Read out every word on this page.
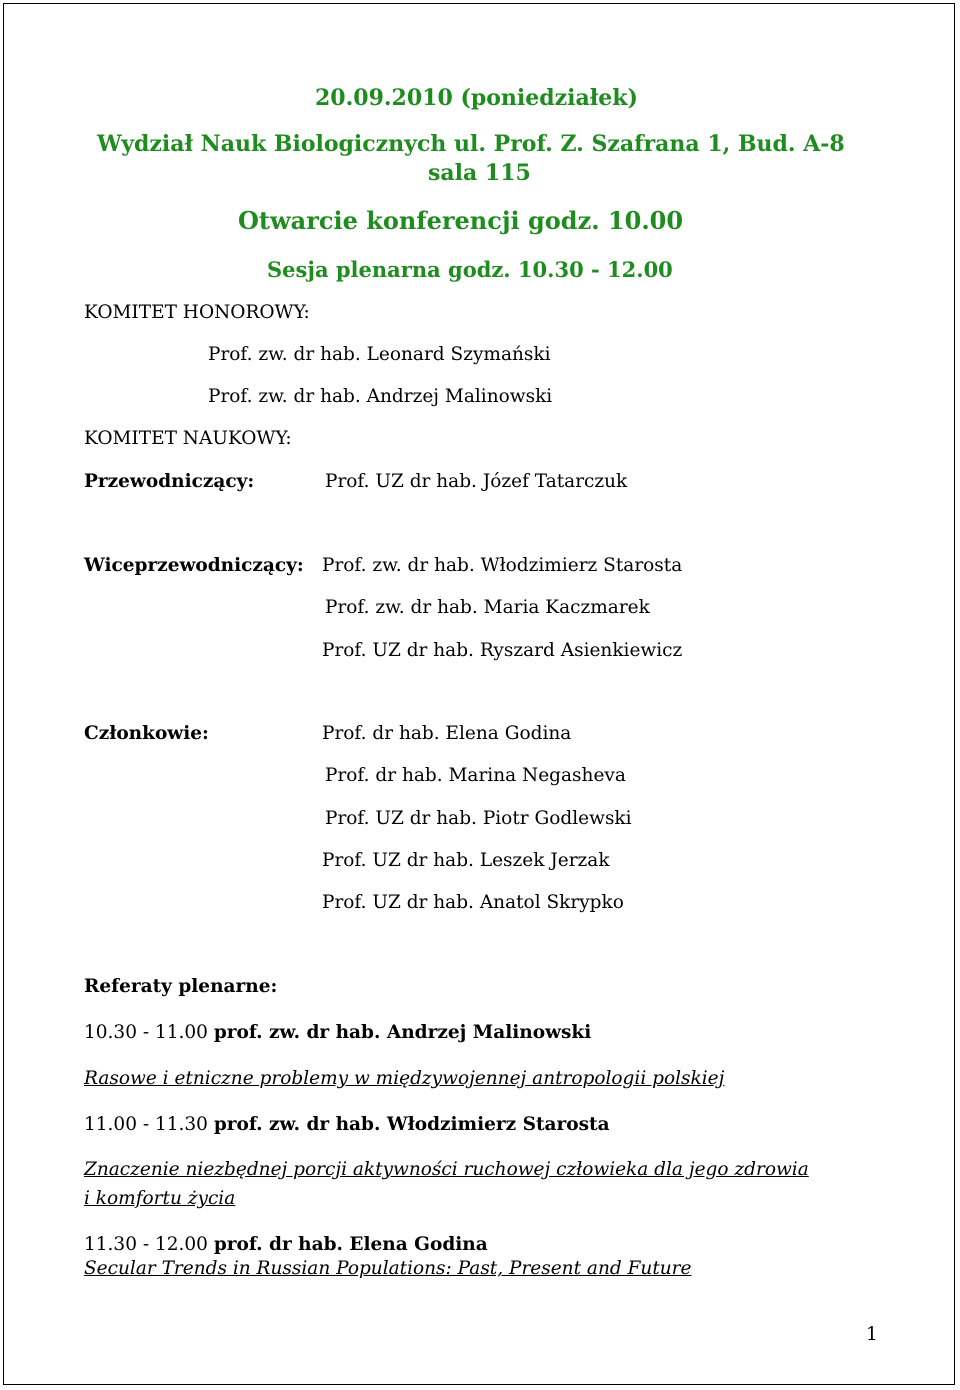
20.09.2010 (poniedziałek)
Wydział Nauk Biologicznych ul. Prof. Z. Szafrana 1, Bud. A-8
sala 115
Otwarcie konferencji godz. 10.00
Sesja plenarna godz. 10.30 - 12.00
KOMITET HONOROWY:
Prof. zw. dr hab. Leonard Szymański
Prof. zw. dr hab. Andrzej Malinowski
KOMITET NAUKOWY:
Przewodniczący:	Prof. UZ dr hab. Józef Tatarczuk
Wiceprzewodniczący: Prof. zw. dr hab. Włodzimierz Starosta
Prof. zw. dr hab. Maria Kaczmarek
Prof. UZ dr hab. Ryszard Asienkiewicz
Członkowie:	Prof. dr hab. Elena Godina
Prof. dr hab. Marina Negasheva
Prof. UZ dr hab. Piotr Godlewski
Prof. UZ dr hab. Leszek Jerzak
Prof. UZ dr hab. Anatol Skrypko
Referaty plenarne:
10.30 - 11.00 prof. zw. dr hab. Andrzej Malinowski
Rasowe i etniczne problemy w międzywojennej antropologii polskiej
11.00 - 11.30 prof. zw. dr hab. Włodzimierz Starosta
Znaczenie niezbędnej porcji aktywności ruchowej człowieka dla jego zdrowia
i komfortu życia
11.30 - 12.00 prof. dr hab. Elena Godina
Secular Trends in Russian Populations: Past, Present and Future
1
